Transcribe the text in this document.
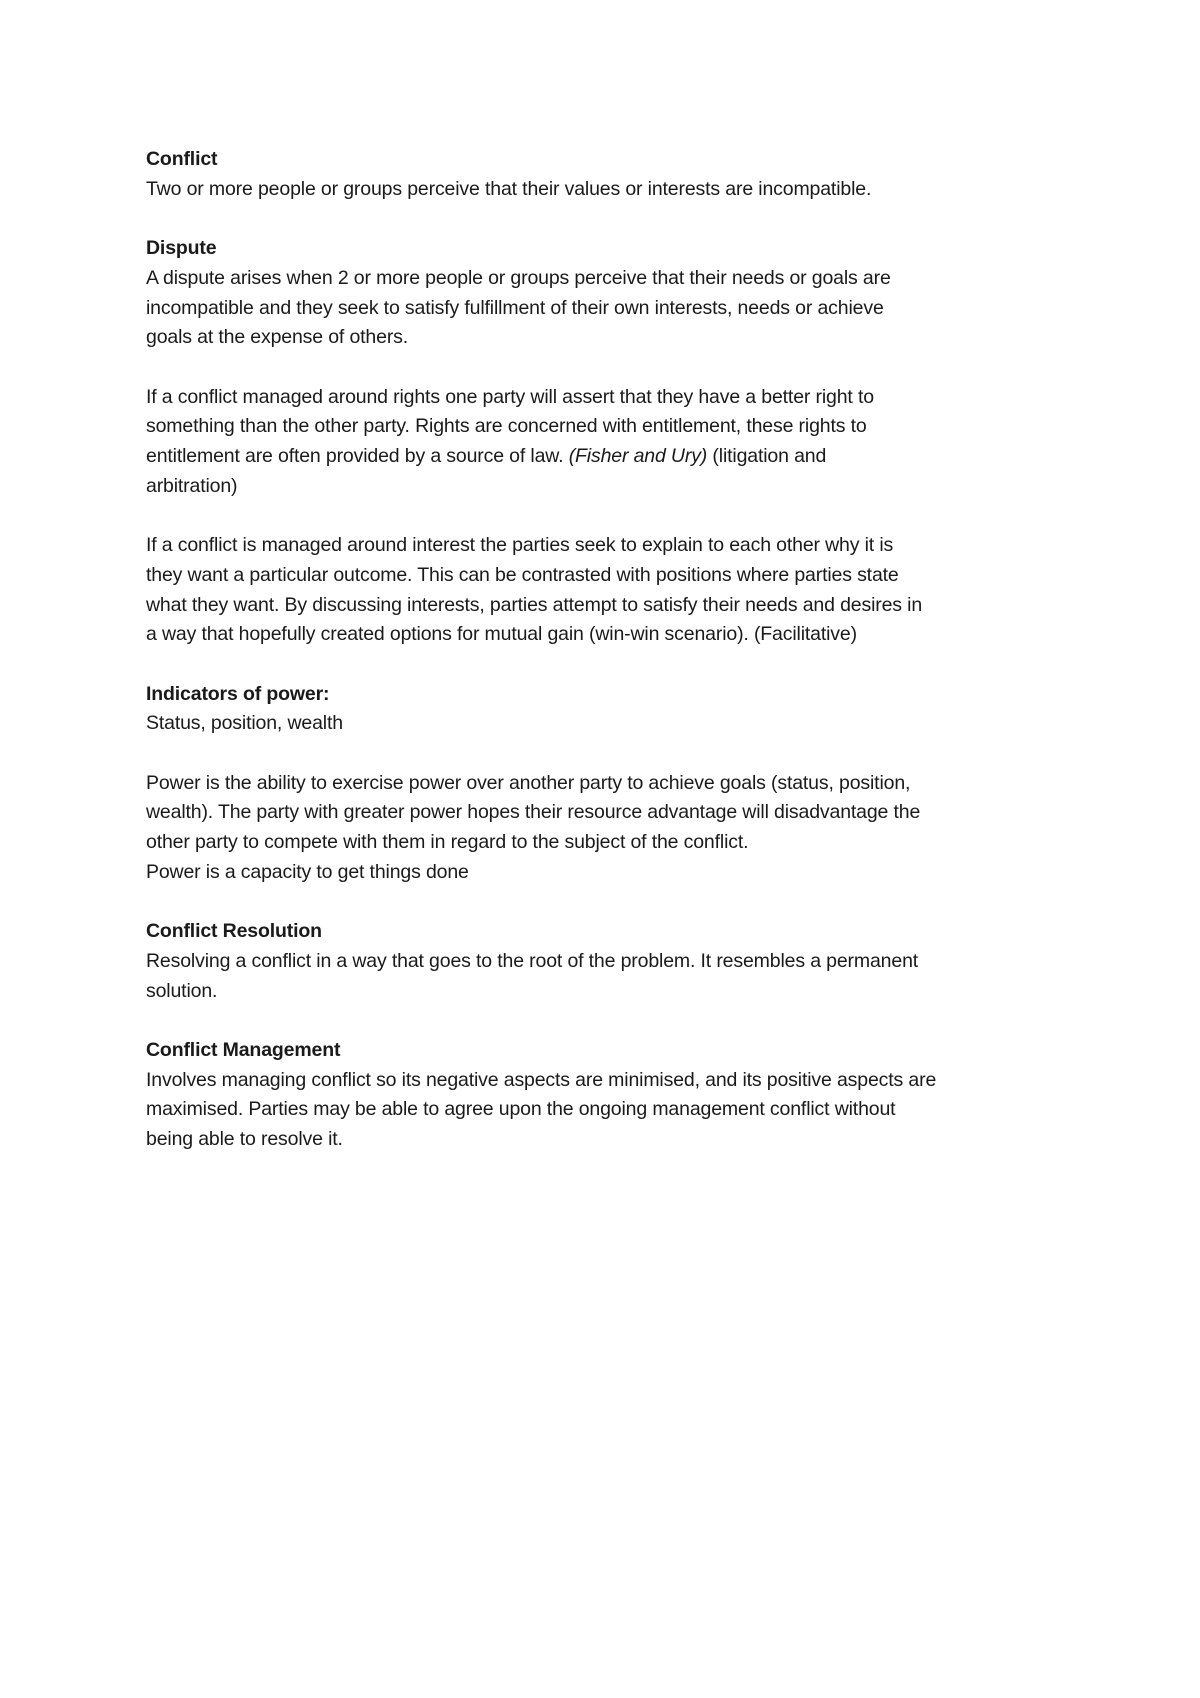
Conflict

Two or more people or groups perceive that their values or interests are incompatible.

Dispute

A dispute arises when 2 or more people or groups perceive that their needs or goals are
incompatible and they seek to satisfy fulfillment of their own interests, needs or achieve
goals at the expense of others.

If a conflict managed around rights one party will assert that they have a better right to
something than the other party. Rights are concerned with entitlement, these rights to
entitlement are often provided by a source of law. (Fisher and Ury) (litigation and
arbitration)

If a conflict is managed around interest the parties seek to explain to each other why it is
they want a particular outcome. This can be contrasted with positions where parties state
what they want. By discussing interests, parties attempt to satisfy their needs and desires in
a way that hopefully created options for mutual gain (win-win scenario). (Facilitative)

Indicators of power:

Status, position, wealth

Power is the ability to exercise power over another party to achieve goals (status, position,
wealth). The party with greater power hopes their resource advantage will disadvantage the
other party to compete with them in regard to the subject of the conflict.
Power is a capacity to get things done

Conflict Resolution

Resolving a conflict in a way that goes to the root of the problem. It resembles a permanent
solution.

Conflict Management

Involves managing conflict so its negative aspects are minimised, and its positive aspects are
maximised. Parties may be able to agree upon the ongoing management conflict without
being able to resolve it.
